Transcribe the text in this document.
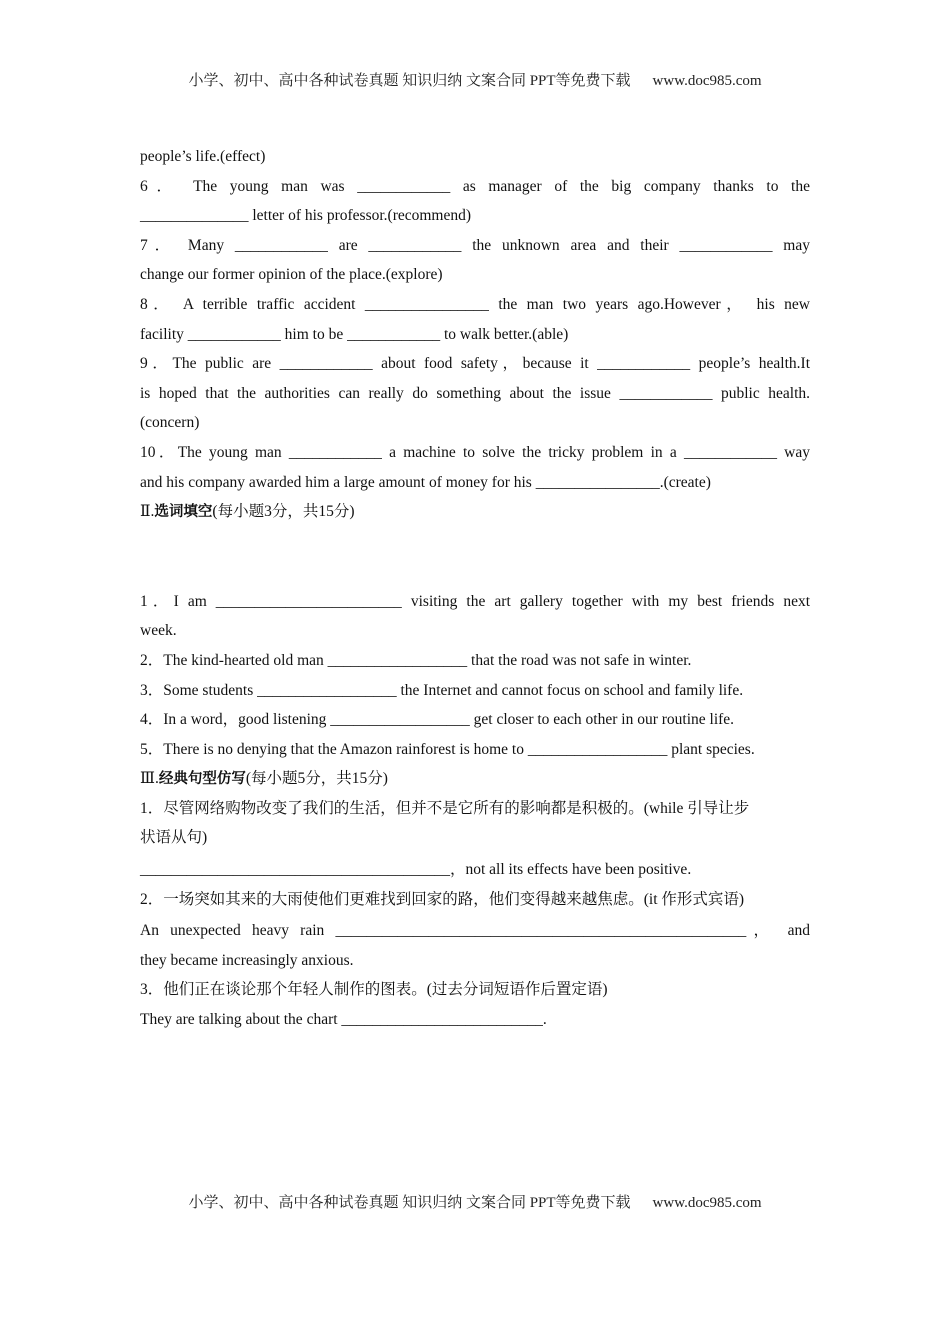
小学、初中、高中各种试卷真题 知识归纳 文案合同 PPT等免费下载 www.doc985.com
people’s life.(effect)
6． The young man was ____________ as manager of the big company thanks to the
______________ letter of his professor.(recommend)
7． Many ____________ are ____________ the unknown area and their ____________ may
change our former opinion of the place.(explore)
8． A terrible traffic accident ________________ the man two years ago.However， his new
facility ____________ him to be ____________ to walk better.(able)
9．The public are ____________ about food safety，because it ____________ people’s health.It
is hoped that the authorities can really do something about the issue ____________ public health.
(concern)
10．The young man ____________ a machine to solve the tricky problem in a ____________ way
and his company awarded him a large amount of money for his ________________.(create)
Ⅱ.选词填空(每小题3分，共15分)
1．I am ________________________ visiting the art gallery together with my best friends next
week.
2．The kind-hearted old man __________________ that the road was not safe in winter.
3．Some students __________________ the Internet and cannot focus on school and family life.
4．In a word，good listening __________________ get closer to each other in our routine life.
5．There is no denying that the Amazon rainforest is home to __________________ plant species.
Ⅲ.经典句型仿写(每小题5分，共15分)
1．尽管网络购物改变了我们的生活，但并不是它所有的影响都是积极的。(while 引导让步
状语从句)
________________________________________，not all its effects have been positive.
2．一场突如其来的大雨使他们更难找到回家的路，他们变得越来越焦虑。(it 作形式宾语)
An unexpected heavy rain _____________________________________________________， and
they became increasingly anxious.
3．他们正在谈论那个年轻人制作的图表。(过去分词短语作后置定语)
They are talking about the chart __________________________.
小学、初中、高中各种试卷真题 知识归纳 文案合同 PPT等免费下载 www.doc985.com
